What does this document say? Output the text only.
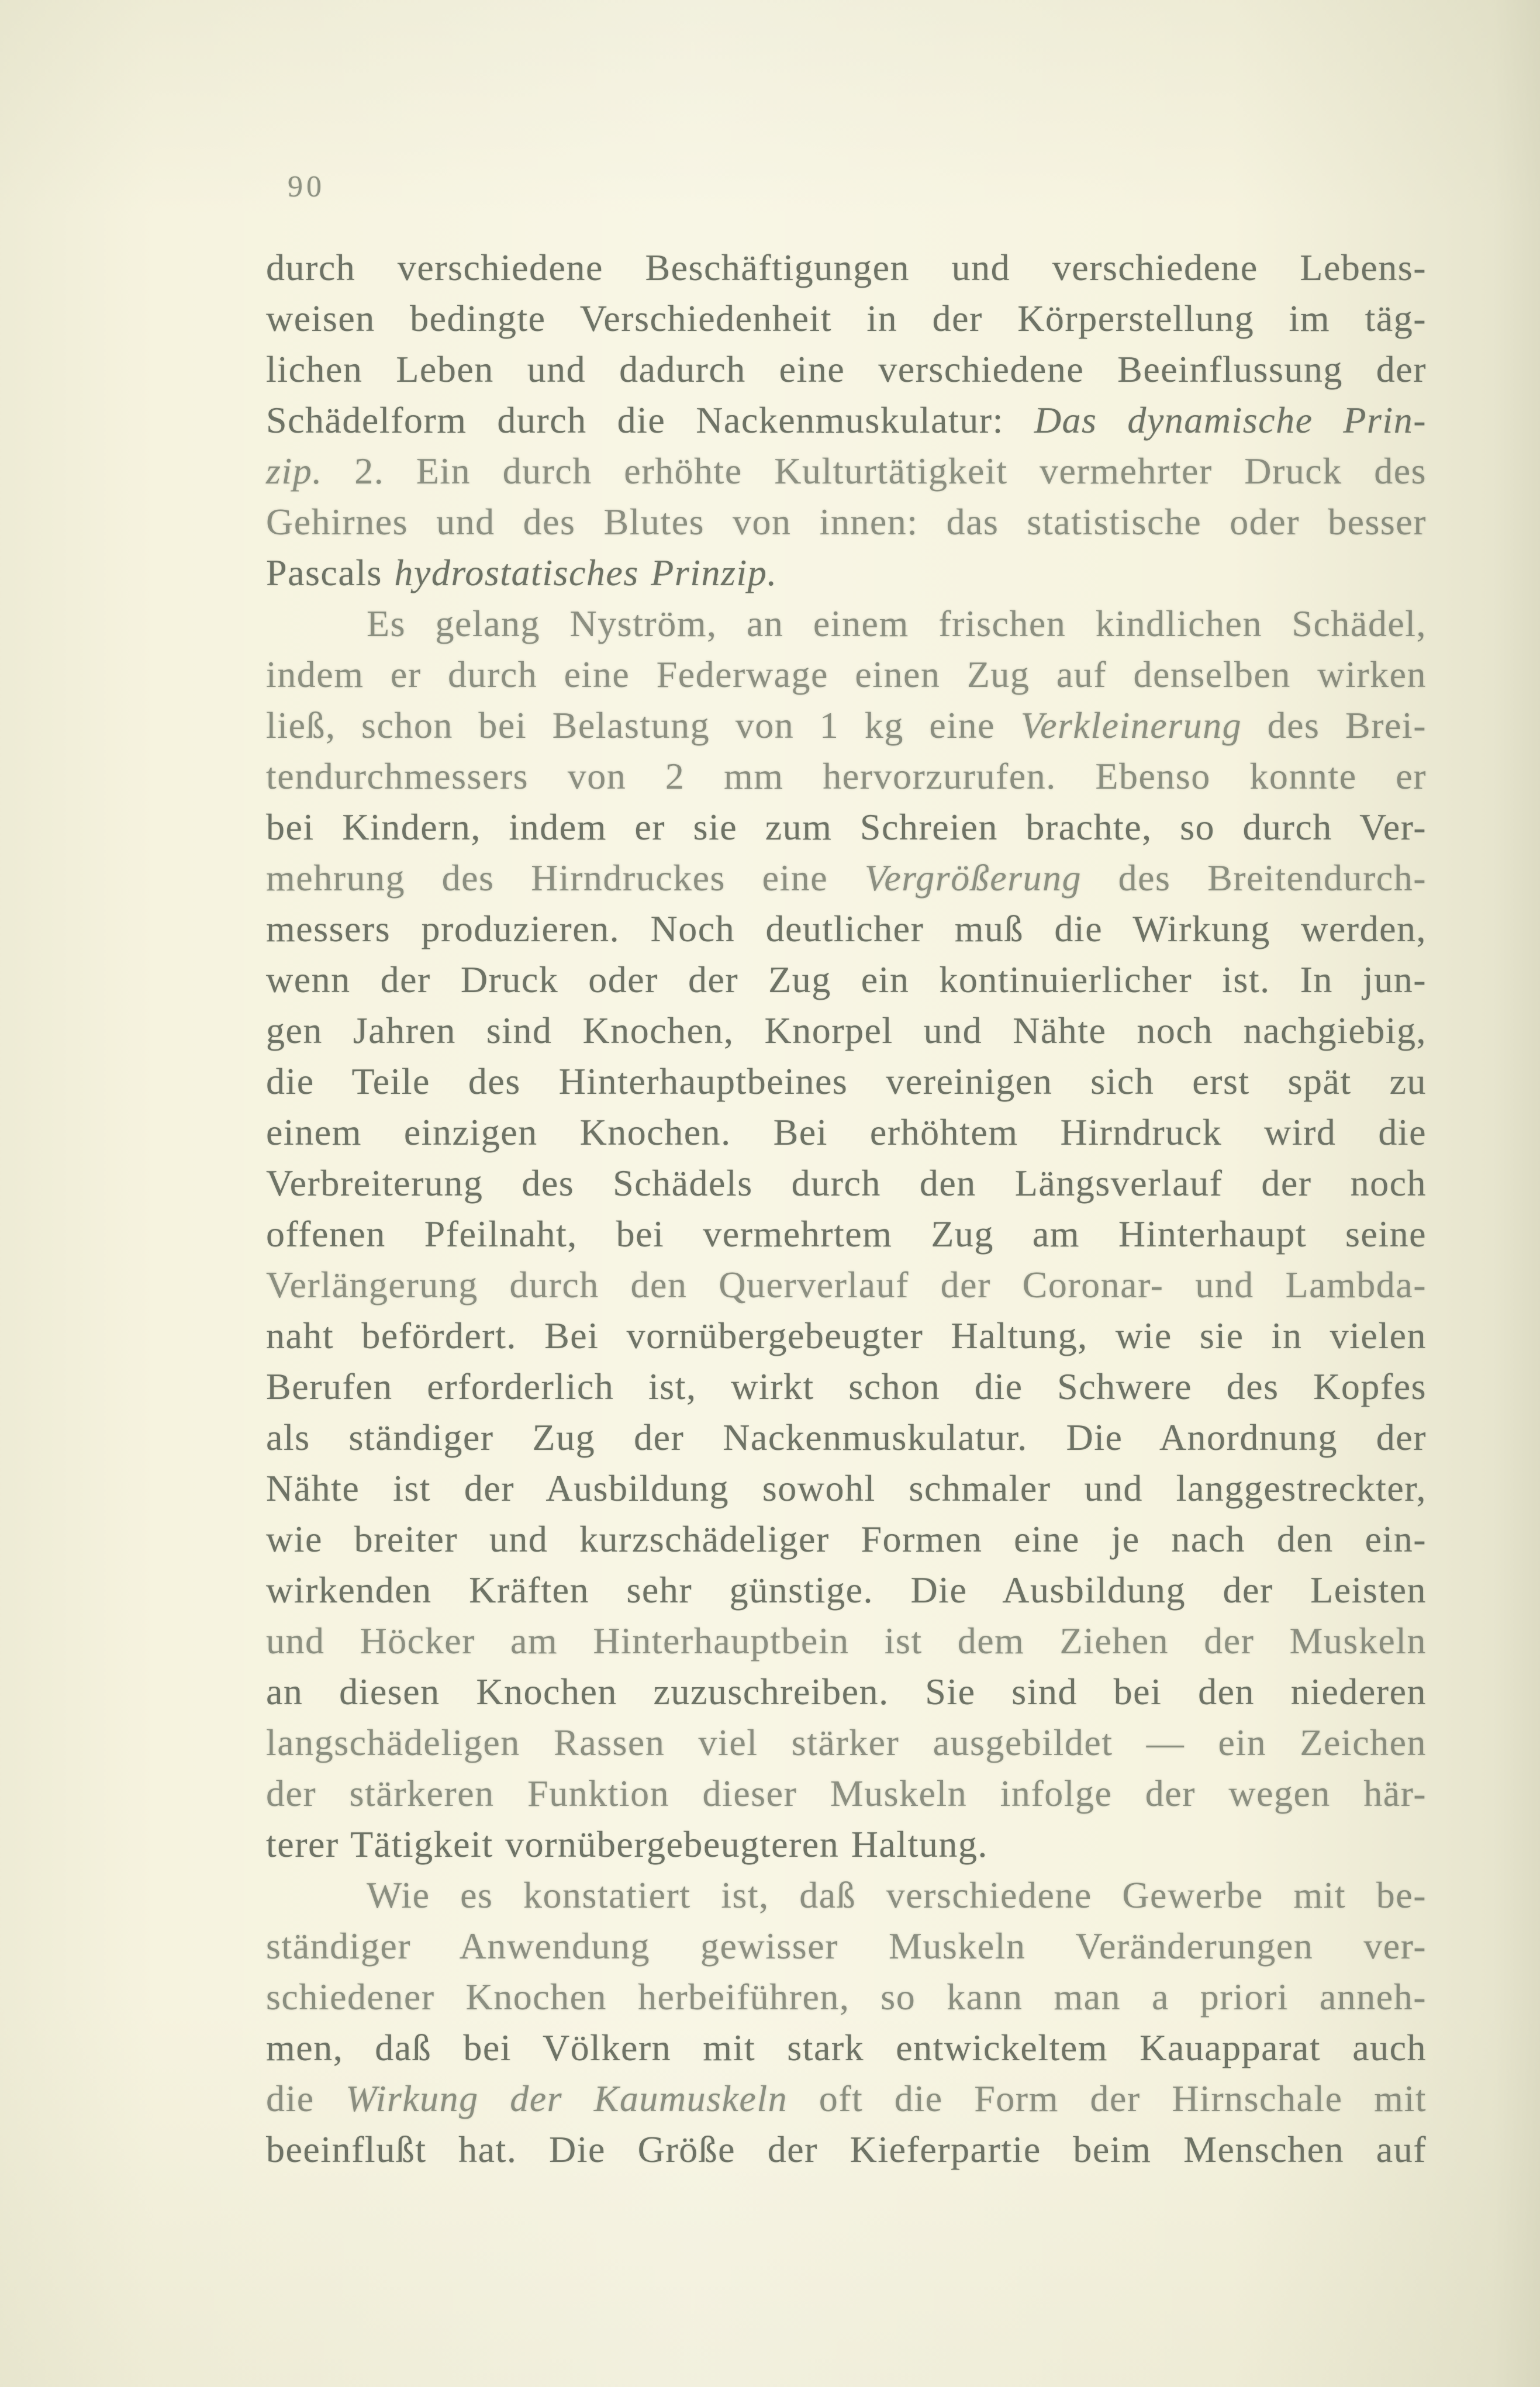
90
durch verschiedene Beschäftigungen und verschiedene Lebens-
weisen bedingte Verschiedenheit in der Körperstellung im täg-
lichen Leben und dadurch eine verschiedene Beeinflussung der
Schädelform durch die Nackenmuskulatur: Das dynamische Prin-
zip. 2. Ein durch erhöhte Kulturtätigkeit vermehrter Druck des
Gehirnes und des Blutes von innen: das statistische oder besser
Pascals hydrostatisches Prinzip.
Es gelang Nyström, an einem frischen kindlichen Schädel,
indem er durch eine Federwage einen Zug auf denselben wirken
ließ, schon bei Belastung von 1 kg eine Verkleinerung des Brei-
tendurchmessers von 2 mm hervorzurufen. Ebenso konnte er
bei Kindern, indem er sie zum Schreien brachte, so durch Ver-
mehrung des Hirndruckes eine Vergrößerung des Breitendurch-
messers produzieren. Noch deutlicher muß die Wirkung werden,
wenn der Druck oder der Zug ein kontinuierlicher ist. In jun-
gen Jahren sind Knochen, Knorpel und Nähte noch nachgiebig,
die Teile des Hinterhauptbeines vereinigen sich erst spät zu
einem einzigen Knochen. Bei erhöhtem Hirndruck wird die
Verbreiterung des Schädels durch den Längsverlauf der noch
offenen Pfeilnaht, bei vermehrtem Zug am Hinterhaupt seine
Verlängerung durch den Querverlauf der Coronar- und Lambda-
naht befördert. Bei vornübergebeugter Haltung, wie sie in vielen
Berufen erforderlich ist, wirkt schon die Schwere des Kopfes
als ständiger Zug der Nackenmuskulatur. Die Anordnung der
Nähte ist der Ausbildung sowohl schmaler und langgestreckter,
wie breiter und kurzschädeliger Formen eine je nach den ein-
wirkenden Kräften sehr günstige. Die Ausbildung der Leisten
und Höcker am Hinterhauptbein ist dem Ziehen der Muskeln
an diesen Knochen zuzuschreiben. Sie sind bei den niederen
langschädeligen Rassen viel stärker ausgebildet — ein Zeichen
der stärkeren Funktion dieser Muskeln infolge der wegen här-
terer Tätigkeit vornübergebeugteren Haltung.
Wie es konstatiert ist, daß verschiedene Gewerbe mit be-
ständiger Anwendung gewisser Muskeln Veränderungen ver-
schiedener Knochen herbeiführen, so kann man a priori anneh-
men, daß bei Völkern mit stark entwickeltem Kauapparat auch
die Wirkung der Kaumuskeln oft die Form der Hirnschale mit
beeinflußt hat. Die Größe der Kieferpartie beim Menschen auf
